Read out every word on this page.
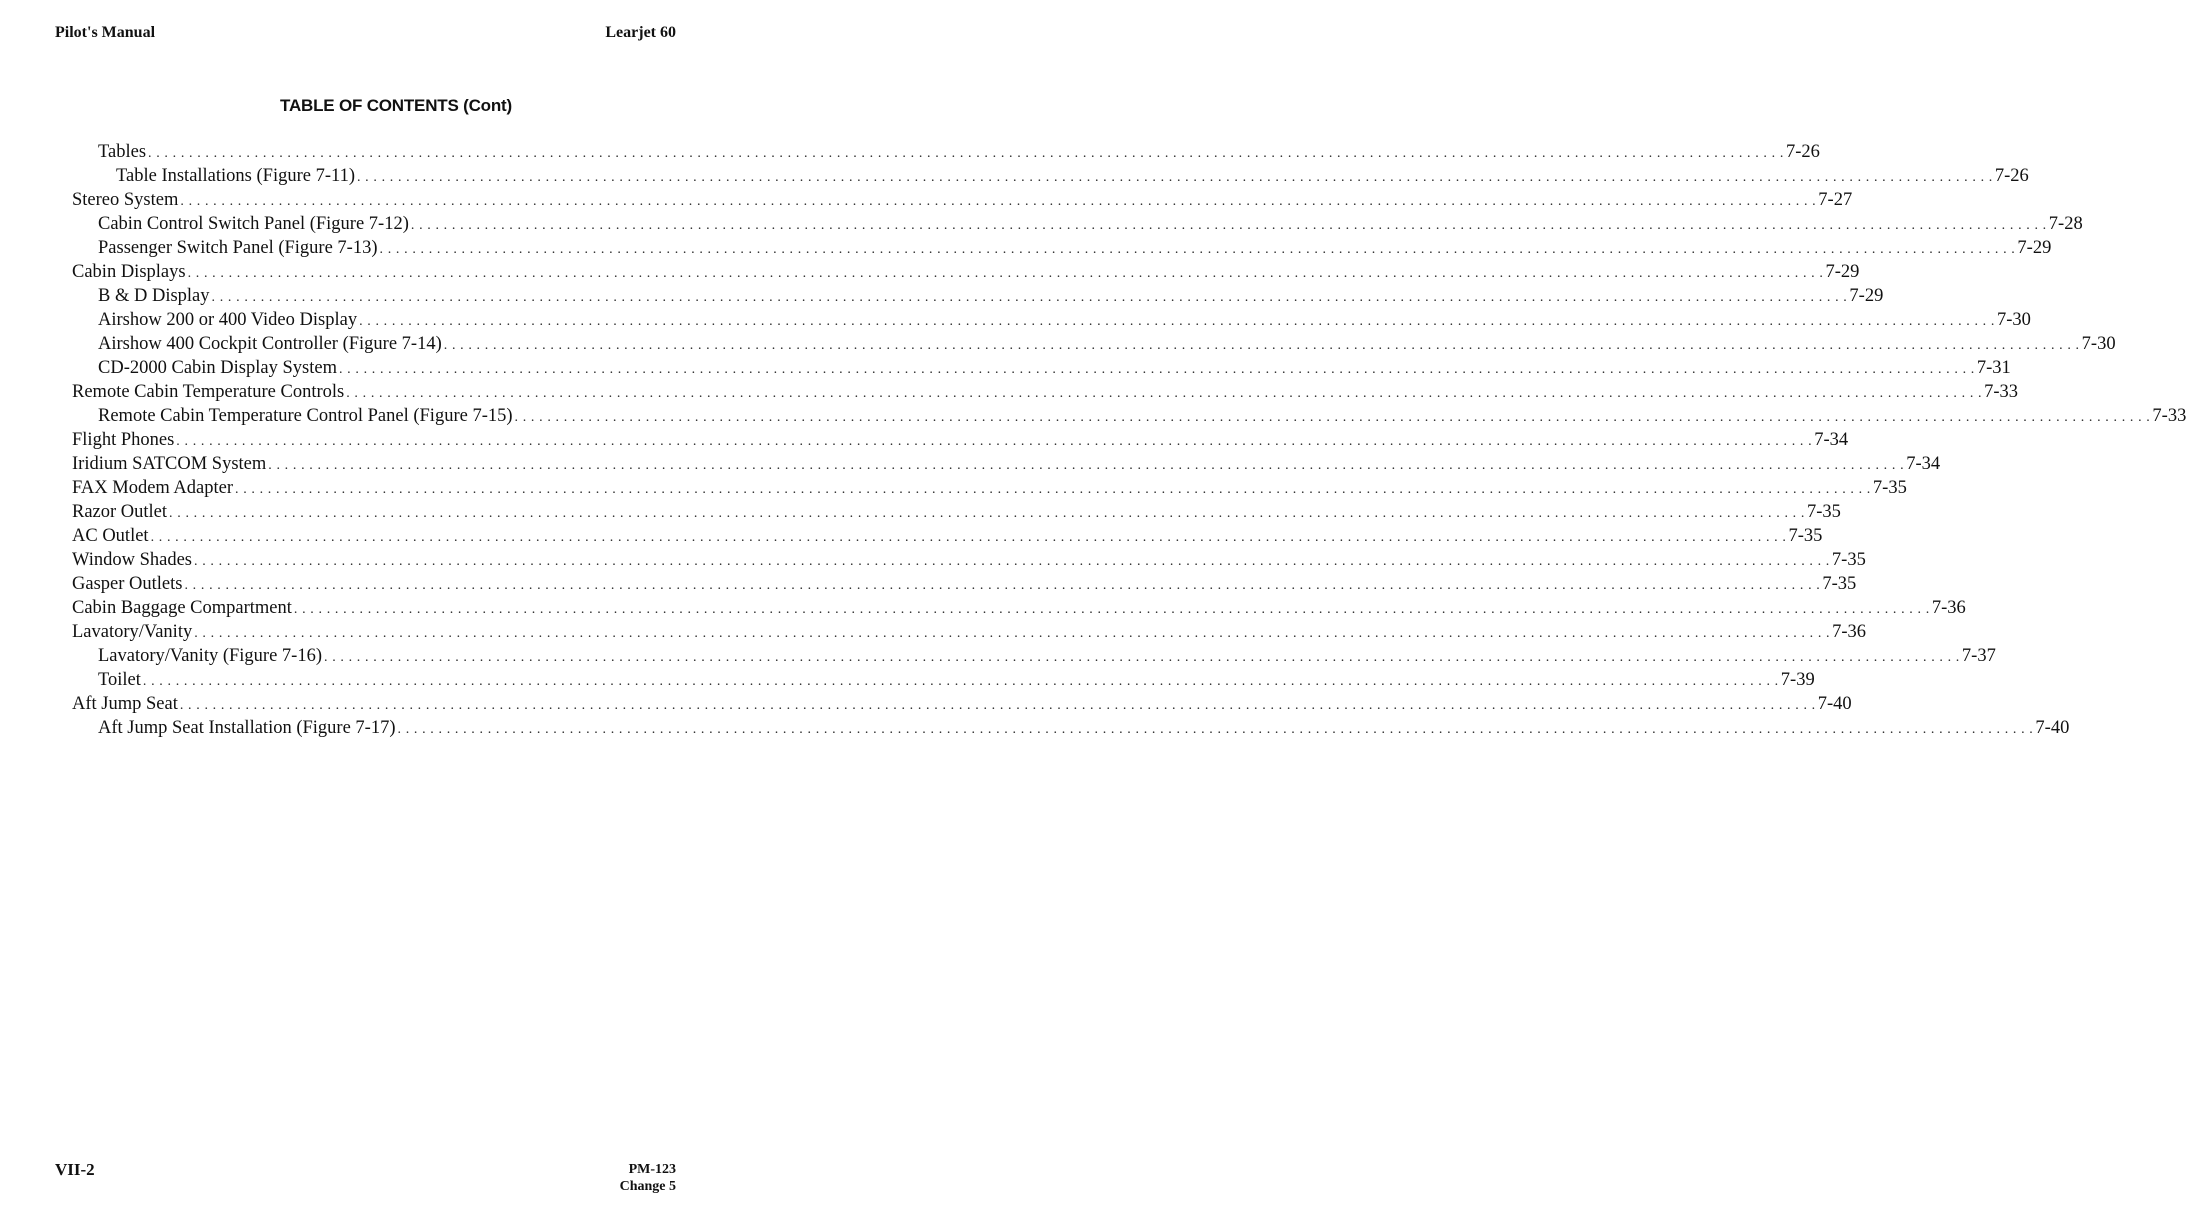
Pilot's Manual	Learjet 60
TABLE OF CONTENTS (Cont)
Tables . . . . . . . . . . . . . . . . . . . . . . . . . . . . . . . . . . . . . . . . . . . . . . . . . . . . . . . . . . . . . . . . . . . . . . . . . . . . . . . . . . . . . . . . . . . . . . . . . . . . . . . . . . . . . . . . . . . . . . . . . . . . . . . . . . . . . . . . . . . . . . . . . . . . . . . . . . . . . . . . . . . . . . . . . . . . . . . . . . . . . . . . . . . . . . . . . . . . . . . . 7-26
Table Installations (Figure 7-11) . . . . . . . . . . . . . . . . . . . . . . . . . . . . . . . . . . . . . . . . . . . . . . . . . . . . . . . . . . . . . . . . . . . . . . . . . . . . . . . . . . . . . . . . . . . . . . . . . . . . . . . . . . . . . . . . . . . . . . . . . . . . . . . . . . . . . . . . . . . . . . . . . . . . . . . . . . . . . . . . . . . . . . . . . . . . . . . . . . . . . . . . . . . . . . . . . . . . . . . . 7-26
Stereo System . . . . . . . . . . . . . . . . . . . . . . . . . . . . . . . . . . . . . . . . . . . . . . . . . . . . . . . . . . . . . . . . . . . . . . . . . . . . . . . . . . . . . . . . . . . . . . . . . . . . . . . . . . . . . . . . . . . . . . . . . . . . . . . . . . . . . . . . . . . . . . . . . . . . . . . . . . . . . . . . . . . . . . . . . . . . . . . . . . . . . . . . . . . . . . . . . . . . . . . . 7-27
Cabin Control Switch Panel (Figure 7-12) . . . . . . . . . . . . . . . . . . . . . . . . . . . . . . . . . . . . . . . . . . . . . . . . . . . . . . . . . . . . . . . . . . . . . . . . . . . . . . . . . . . . . . . . . . . . . . . . . . . . . . . . . . . . . . . . . . . . . . . . . . . . . . . . . . . . . . . . . . . . . . . . . . . . . . . . . . . . . . . . . . . . . . . . . . . . . . . . . . . . . . . . . . . . . . . . . . . . . . . . 7-28
Passenger Switch Panel (Figure 7-13) . . . . . . . . . . . . . . . . . . . . . . . . . . . . . . . . . . . . . . . . . . . . . . . . . . . . . . . . . . . . . . . . . . . . . . . . . . . . . . . . . . . . . . . . . . . . . . . . . . . . . . . . . . . . . . . . . . . . . . . . . . . . . . . . . . . . . . . . . . . . . . . . . . . . . . . . . . . . . . . . . . . . . . . . . . . . . . . . . . . . . . . . . . . . . . . . . . . . . . . . 7-29
Cabin Displays . . . . . . . . . . . . . . . . . . . . . . . . . . . . . . . . . . . . . . . . . . . . . . . . . . . . . . . . . . . . . . . . . . . . . . . . . . . . . . . . . . . . . . . . . . . . . . . . . . . . . . . . . . . . . . . . . . . . . . . . . . . . . . . . . . . . . . . . . . . . . . . . . . . . . . . . . . . . . . . . . . . . . . . . . . . . . . . . . . . . . . . . . . . . . . . . . . . . . . . . 7-29
B & D Display . . . . . . . . . . . . . . . . . . . . . . . . . . . . . . . . . . . . . . . . . . . . . . . . . . . . . . . . . . . . . . . . . . . . . . . . . . . . . . . . . . . . . . . . . . . . . . . . . . . . . . . . . . . . . . . . . . . . . . . . . . . . . . . . . . . . . . . . . . . . . . . . . . . . . . . . . . . . . . . . . . . . . . . . . . . . . . . . . . . . . . . . . . . . . . . . . . . . . . . . 7-29
Airshow 200 or 400 Video Display . . . . . . . . . . . . . . . . . . . . . . . . . . . . . . . . . . . . . . . . . . . . . . . . . . . . . . . . . . . . . . . . . . . . . . . . . . . . . . . . . . . . . . . . . . . . . . . . . . . . . . . . . . . . . . . . . . . . . . . . . . . . . . . . . . . . . . . . . . . . . . . . . . . . . . . . . . . . . . . . . . . . . . . . . . . . . . . . . . . . . . . . . . . . . . . . . . . . . . . . 7-30
Airshow 400 Cockpit Controller (Figure 7-14) . . . . . . . . . . . . . . . . . . . . . . . . . . . . . . . . . . . . . . . . . . . . . . . . . . . . . . . . . . . . . . . . . . . . . . . . . . . . . . . . . . . . . . . . . . . . . . . . . . . . . . . . . . . . . . . . . . . . . . . . . . . . . . . . . . . . . . . . . . . . . . . . . . . . . . . . . . . . . . . . . . . . . . . . . . . . . . . . . . . . . . . . . . . . . . . . . . . . . . . . 7-30
CD-2000 Cabin Display System . . . . . . . . . . . . . . . . . . . . . . . . . . . . . . . . . . . . . . . . . . . . . . . . . . . . . . . . . . . . . . . . . . . . . . . . . . . . . . . . . . . . . . . . . . . . . . . . . . . . . . . . . . . . . . . . . . . . . . . . . . . . . . . . . . . . . . . . . . . . . . . . . . . . . . . . . . . . . . . . . . . . . . . . . . . . . . . . . . . . . . . . . . . . . . . . . . . . . . . . 7-31
Remote Cabin Temperature Controls . . . . . . . . . . . . . . . . . . . . . . . . . . . . . . . . . . . . . . . . . . . . . . . . . . . . . . . . . . . . . . . . . . . . . . . . . . . . . . . . . . . . . . . . . . . . . . . . . . . . . . . . . . . . . . . . . . . . . . . . . . . . . . . . . . . . . . . . . . . . . . . . . . . . . . . . . . . . . . . . . . . . . . . . . . . . . . . . . . . . . . . . . . . . . . . . . . . . . . . . 7-33
Remote Cabin Temperature Control Panel (Figure 7-15) . . . . . . . . . . . . . . . . . . . . . . . . . . . . . . . . . . . . . . . . . . . . . . . . . . . . . . . . . . . . . . . . . . . . . . . . . . . . . . . . . . . . . . . . . . . . . . . . . . . . . . . . . . . . . . . . . . . . . . . . . . . . . . . . . . . . . . . . . . . . . . . . . . . . . . . . . . . . . . . . . . . . . . . . . . . . . . . . . . . . . . . . . . . . . . . . . . . . . . . . 7-33
Flight Phones . . . . . . . . . . . . . . . . . . . . . . . . . . . . . . . . . . . . . . . . . . . . . . . . . . . . . . . . . . . . . . . . . . . . . . . . . . . . . . . . . . . . . . . . . . . . . . . . . . . . . . . . . . . . . . . . . . . . . . . . . . . . . . . . . . . . . . . . . . . . . . . . . . . . . . . . . . . . . . . . . . . . . . . . . . . . . . . . . . . . . . . . . . . . . . . . . . . . . . . . 7-34
Iridium SATCOM System . . . . . . . . . . . . . . . . . . . . . . . . . . . . . . . . . . . . . . . . . . . . . . . . . . . . . . . . . . . . . . . . . . . . . . . . . . . . . . . . . . . . . . . . . . . . . . . . . . . . . . . . . . . . . . . . . . . . . . . . . . . . . . . . . . . . . . . . . . . . . . . . . . . . . . . . . . . . . . . . . . . . . . . . . . . . . . . . . . . . . . . . . . . . . . . . . . . . . . . . 7-34
FAX Modem Adapter . . . . . . . . . . . . . . . . . . . . . . . . . . . . . . . . . . . . . . . . . . . . . . . . . . . . . . . . . . . . . . . . . . . . . . . . . . . . . . . . . . . . . . . . . . . . . . . . . . . . . . . . . . . . . . . . . . . . . . . . . . . . . . . . . . . . . . . . . . . . . . . . . . . . . . . . . . . . . . . . . . . . . . . . . . . . . . . . . . . . . . . . . . . . . . . . . . . . . . . . 7-35
Razor Outlet . . . . . . . . . . . . . . . . . . . . . . . . . . . . . . . . . . . . . . . . . . . . . . . . . . . . . . . . . . . . . . . . . . . . . . . . . . . . . . . . . . . . . . . . . . . . . . . . . . . . . . . . . . . . . . . . . . . . . . . . . . . . . . . . . . . . . . . . . . . . . . . . . . . . . . . . . . . . . . . . . . . . . . . . . . . . . . . . . . . . . . . . . . . . . . . . . . . . . . . . 7-35
AC Outlet . . . . . . . . . . . . . . . . . . . . . . . . . . . . . . . . . . . . . . . . . . . . . . . . . . . . . . . . . . . . . . . . . . . . . . . . . . . . . . . . . . . . . . . . . . . . . . . . . . . . . . . . . . . . . . . . . . . . . . . . . . . . . . . . . . . . . . . . . . . . . . . . . . . . . . . . . . . . . . . . . . . . . . . . . . . . . . . . . . . . . . . . . . . . . . . . . . . . . . . . 7-35
Window Shades . . . . . . . . . . . . . . . . . . . . . . . . . . . . . . . . . . . . . . . . . . . . . . . . . . . . . . . . . . . . . . . . . . . . . . . . . . . . . . . . . . . . . . . . . . . . . . . . . . . . . . . . . . . . . . . . . . . . . . . . . . . . . . . . . . . . . . . . . . . . . . . . . . . . . . . . . . . . . . . . . . . . . . . . . . . . . . . . . . . . . . . . . . . . . . . . . . . . . . . . 7-35
Gasper Outlets . . . . . . . . . . . . . . . . . . . . . . . . . . . . . . . . . . . . . . . . . . . . . . . . . . . . . . . . . . . . . . . . . . . . . . . . . . . . . . . . . . . . . . . . . . . . . . . . . . . . . . . . . . . . . . . . . . . . . . . . . . . . . . . . . . . . . . . . . . . . . . . . . . . . . . . . . . . . . . . . . . . . . . . . . . . . . . . . . . . . . . . . . . . . . . . . . . . . . . . . 7-35
Cabin Baggage Compartment . . . . . . . . . . . . . . . . . . . . . . . . . . . . . . . . . . . . . . . . . . . . . . . . . . . . . . . . . . . . . . . . . . . . . . . . . . . . . . . . . . . . . . . . . . . . . . . . . . . . . . . . . . . . . . . . . . . . . . . . . . . . . . . . . . . . . . . . . . . . . . . . . . . . . . . . . . . . . . . . . . . . . . . . . . . . . . . . . . . . . . . . . . . . . . . . . . . . . . . . 7-36
Lavatory/Vanity . . . . . . . . . . . . . . . . . . . . . . . . . . . . . . . . . . . . . . . . . . . . . . . . . . . . . . . . . . . . . . . . . . . . . . . . . . . . . . . . . . . . . . . . . . . . . . . . . . . . . . . . . . . . . . . . . . . . . . . . . . . . . . . . . . . . . . . . . . . . . . . . . . . . . . . . . . . . . . . . . . . . . . . . . . . . . . . . . . . . . . . . . . . . . . . . . . . . . . . . 7-36
Lavatory/Vanity (Figure 7-16) . . . . . . . . . . . . . . . . . . . . . . . . . . . . . . . . . . . . . . . . . . . . . . . . . . . . . . . . . . . . . . . . . . . . . . . . . . . . . . . . . . . . . . . . . . . . . . . . . . . . . . . . . . . . . . . . . . . . . . . . . . . . . . . . . . . . . . . . . . . . . . . . . . . . . . . . . . . . . . . . . . . . . . . . . . . . . . . . . . . . . . . . . . . . . . . . . . . . . . . . 7-37
Toilet . . . . . . . . . . . . . . . . . . . . . . . . . . . . . . . . . . . . . . . . . . . . . . . . . . . . . . . . . . . . . . . . . . . . . . . . . . . . . . . . . . . . . . . . . . . . . . . . . . . . . . . . . . . . . . . . . . . . . . . . . . . . . . . . . . . . . . . . . . . . . . . . . . . . . . . . . . . . . . . . . . . . . . . . . . . . . . . . . . . . . . . . . . . . . . . . . . . . . . . . 7-39
Aft Jump Seat . . . . . . . . . . . . . . . . . . . . . . . . . . . . . . . . . . . . . . . . . . . . . . . . . . . . . . . . . . . . . . . . . . . . . . . . . . . . . . . . . . . . . . . . . . . . . . . . . . . . . . . . . . . . . . . . . . . . . . . . . . . . . . . . . . . . . . . . . . . . . . . . . . . . . . . . . . . . . . . . . . . . . . . . . . . . . . . . . . . . . . . . . . . . . . . . . . . . . . . . 7-40
Aft Jump Seat Installation (Figure 7-17) . . . . . . . . . . . . . . . . . . . . . . . . . . . . . . . . . . . . . . . . . . . . . . . . . . . . . . . . . . . . . . . . . . . . . . . . . . . . . . . . . . . . . . . . . . . . . . . . . . . . . . . . . . . . . . . . . . . . . . . . . . . . . . . . . . . . . . . . . . . . . . . . . . . . . . . . . . . . . . . . . . . . . . . . . . . . . . . . . . . . . . . . . . . . . . . . . . . . . . . . 7-40
VII-2	PM-123
Change 5
